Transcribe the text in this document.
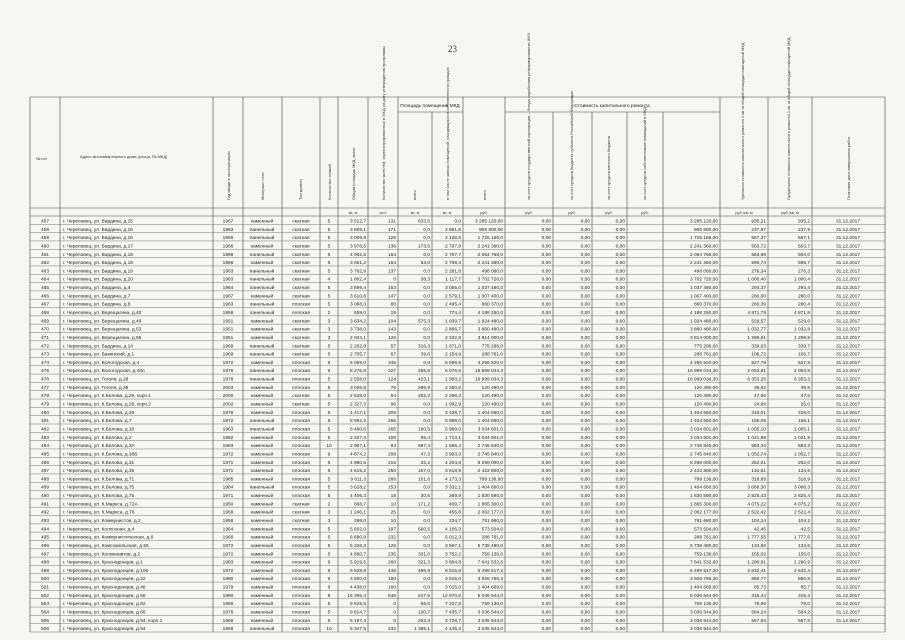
23
Площадь помещений МКД	Стоимость капитального ремонта
№ п/п	Адрес многоквартирного дома (улица, № МКД)	Год ввода в эксплуатацию	Материал стен	Тип кровли	Количество этажей	Общая площадь МКД, всего	Количество жителей, зарегистрированных в МКД на дату утверждения программы	всего	в том числе жилых помещений, находящихся в собственности граждан	всего	за счет средств государственной корпорации – Фонда содействия реформированию ЖКХ	за счет средств бюджета субъекта Российской Федерации	за счет средств местного бюджета	за счет средств собственников помещений в МКД	Удельная стоимость капитального ремонта 1 кв. м общей площади помещений МКД	Предельная стоимость капитального ремонта 1 кв. м общей площади помещений МКД	Плановая дата завершения работ
кв. м	чел.	кв. м	кв. м	руб.	руб.	руб.	руб.	руб.	руб./кв. м	руб./кв. м
457	г. Череповец, ул. Бардина, д.15	1967	каменный	скатная	5	3 512,7	131	633,5	0,0	3 285 120,00	0,00	0,00	0,00	3 285 120,00	935,21	935,2	31.12.2017
458	г. Череповец, ул. Бардина, д.16	1963	панельный	скатная	5	3 808,1	171	0,0	2 891,6	905 800,00	0,00	0,00	0,00	905 800,00	237,87	237,9	31.12.2017
459	г. Череповец, ул. Бардина, д.16	1966	панельный	скатная	5	3 008,8	126	0,0	2 126,8	1 725 166,0	0,00	0,00	0,00	1 725 166,00	567,37	567,1	31.12.2017
460	г. Череповец, ул. Бардина, д.17	1966	каменный	скатная	5	3 976,5	136	173,5	2 797,9	2 241 360,0	0,00	0,00	0,00	2 241 360,00	563,72	563,7	31.12.2017
461	г. Череповец, ул. Бардина, д.18	1969	панельный	скатная	5	4 062,5	164	0,0	2 707,7	2 064 768,0	0,00	0,00	0,00	2 064 768,00	563,98	564,0	31.12.2017
462	г. Череповец, ул. Бардина, д.18	1966	каменный	скатная	5	3 661,2	164	53,0	2 708,3	2 241 360,0	0,00	0,00	0,00	2 241 360,00	595,74	595,7	31.12.2017
463	г. Череповец, ул. Бардина, д.19	1963	панельный	скатная	5	3 762,9	137	0,0	2 281,6	498 060,0	0,00	0,00	0,00	498 060,00	276,34	276,3	31.12.2017
464	г. Череповец, ул. Бардина, д.20	1963	панельный	скатная	4	1 802,4	0	38,3	1 117,7	3 702 720,0	0,00	0,00	0,00	3 702 720,00	1 000,40	1 000,4	31.12.2017
465	г. Череповец, ул. Бардина, д.4	1964	панельный	скатная	5	3 699,4	163	0,0	3 065,0	1 037 480,0	0,00	0,00	0,00	1 037 480,00	294,37	294,4	31.12.2017
466	г. Череповец, ул. Бардина, д.7	1967	каменный	скатная	5	3 610,8	147	0,0	2 579,1	1 007 400,0	0,00	0,00	0,00	1 007 400,00	280,00	280,0	31.12.2017
467	г. Череповец, ул. Бардина, д.8	1963	панельный	плоская	5	3 068,3	80	0,0	2 495,4	860 370,0	0,00	0,00	0,00	860 370,00	280,39	280,4	31.12.2017
468	г. Череповец, ул. Верещагина, д.40	1958	панельный	плоская	2	859,0	19	0,0	774,4	4 188 250,0	0,00	0,00	0,00	4 188 250,00	4 871,79	4 871,8	31.12.2017
469	г. Череповец, ул. Верещагина, д.49	1951	каменный	скатная	3	3 634,2	104	575,3	1 939,7	1 924 480,0	0,00	0,00	0,00	1 924 480,00	529,57	529,6	31.12.2017
470	г. Череповец, ул. Верещагина, д.53	1951	каменный	скатная	3	3 738,0	143	0,0	2 866,7	3 860 480,0	0,00	0,00	0,00	3 860 480,00	1 032,77	1 032,8	31.12.2017
471	г. Череповец, ул. Верещагина, д.55	1951	каменный	скатная	3	2 934,1	126	0,0	2 332,8	3 814 000,0	0,00	0,00	0,00	3 814 000,00	1 299,91	1 299,9	31.12.2017
472	г. Череповец, ул. Бардина, д.14	1969	панельный	скатная	5	2 282,8	57	316,3	1 671,0	775 296,0	0,00	0,00	0,00	775 296,00	339,63	339,7	31.12.2017
473	г. Череповец, ул. Бакинский, д.1	1969	панельный	скатная	5	2 705,7	67	39,6	2 154,9	288 761,0	0,00	0,00	0,00	288 761,00	106,72	106,7	31.12.2017
474	г. Череповец, ул. Вологодская, д.4	1972	каменный	плоская	9	6 069,0	345	0,0	5 599,5	4 256 520,0	0,00	0,00	0,00	4 256 520,00	527,78	527,8	31.12.2017
475	г. Череповец, ул. Вологодская, д.48А	1976	панельный	плоская	9	8 276,8	327	255,6	6 076,5	16 999 034,3	0,00	0,00	0,00	16 999 034,30	2 053,81	2 053,8	31.12.2017
476	г. Череповец, ул. Гоголя, д.28	1978	панельный	плоская	5	2 558,0	124	423,1	1 993,2	16 999 034,3	0,00	0,00	0,00	16 999 034,30	6 353,26	6 353,3	31.12.2017
477	г. Череповец, ул. Гоголя, д.36	2003	каменный	плоская	5	3 026,8	76	286,9	2 260,6	120 490,0	0,00	0,00	0,00	120 490,00	39,82	39,8	31.12.2017
478	г. Череповец, ул. К.Белова, д.29, корп.1	2000	каменный	скатная	5	2 535,0	94	252,3	2 298,3	120 490,0	0,00	0,00	0,00	120 490,00	47,56	47,6	31.12.2017
479	г. Череповец, ул. К.Белова, д.29, корп.2	2002	каменный	скатная	5	2 327,3	96	0,0	1 992,9	120 490,0	0,00	0,00	0,00	120 490,00	24,99	25,0	31.12.2017
480	г. Череповец, ул. К.Белова, д.26	1976	каменный	плоская	5	4 417,1	209	0,0	3 428,7	1 404 660,0	0,00	0,00	0,00	1 404 660,00	318,01	318,0	31.12.2017
481	г. Череповец, ул. К.Белова, д.7	1972	панельный	плоская	5	8 992,2	265	0,0	5 989,0	1 404 660,0	0,00	0,00	0,00	1 404 660,00	156,09	156,1	31.12.2017
482	г. Череповец, ул. К.Белова, д.10	1963	панельный	плоская	5	8 460,6	265	160,5	5 989,0	3 034 601,0	0,00	0,00	0,00	3 034 601,00	1 005,10	1 005,1	31.12.2017
483	г. Череповец, ул. К.Белова, д.2	1982	каменный	плоская	5	2 327,3	108	55,4	1 713,1	3 034 601,0	0,00	0,00	0,00	3 034 601,00	1 021,88	1 021,9	31.12.2017
484	г. Череповец, ул. К.Белова, д.3А	1983	каменный	плоская	10	2 957,1	84	697,4	1 556,4	2 745 840,0	0,00	0,00	0,00	2 745 840,00	583,34	583,3	31.12.2017
485	г. Череповец, ул. К.Белова, д.38Б	1972	каменный	плоская	9	4 874,2	208	47,3	3 993,3	2 745 840,0	0,00	0,00	0,00	2 745 840,00	1 052,74	1 052,7	31.12.2017
486	г. Череповец, ул. К.Белова, д.31	1971	каменный	плоская	5	4 980,6	215	32,2	4 204,6	8 298 000,0	0,00	0,00	0,00	8 298 000,00	252,01	252,0	31.12.2017
487	г. Череповец, ул. К.Белова, д.35	1971	каменный	плоская	5	4 615,2	250	167,0	3 618,9	2 422 800,0	0,00	0,00	0,00	2 422 800,00	134,61	134,6	31.12.2017
488	г. Череповец, ул. К.Белова, д.71	1985	каменный	плоская	5	9 611,3	266	101,6	4 173,3	799 136,00	0,00	0,00	0,00	799 136,00	318,89	318,9	31.12.2017
489	г. Череповец, ул. К.Белова, д.75	1984	панельный	плоская	5	3 628,2	153	0,0	3 332,1	1 404 660,0	0,00	0,00	0,00	1 404 660,00	3 068,30	3 068,3	31.12.2017
490	г. Череповец, ул. К.Белова, д.75	1971	каменный	плоская	5	4 406,3	18	30,5	269,9	1 830 590,0	0,00	0,00	0,00	1 830 590,00	2 825,43	2 825,4	31.12.2017
491	г. Череповец, ул. К.Маркса, д.72А	1950	каменный	скатная	2	668,7	10	171,2	409,7	1 865 300,0	0,00	0,00	0,00	1 865 300,00	4 075,22	4 075,2	31.12.2017
492	г. Череповец, ул. К.Маркса, д.76	1958	каменный	скатная	3	1 246,1	25	0,0	455,8	2 062 177,0	0,00	0,00	0,00	2 062 177,00	2 522,42	2 522,4	31.12.2017
493	г. Череповец, ул. Коммунистов, д.2	1958	каменный	скатная	3	298,0	10	0,0	234,7	761 680,0	0,00	0,00	0,00	761 680,00	104,24	104,2	31.12.2017
494	г. Череповец, ул. Колхозная, д.4	1964	каменный	плоская	5	5 602,0	197	560,5	4 106,3	573 504,0	0,00	0,00	0,00	573 504,00	42,45	42,5	31.12.2017
495	г. Череповец, ул. Коммунистическая, д.6	1966	каменный	плоская	5	6 890,8	232	0,0	5 012,3	288 761,0	0,00	0,00	0,00	288 761,00	1 777,55	1 777,6	31.12.2017
496	г. Череповец, ул. Комсомольская, д.55	1972	каменный	плоская	5	5 226,3	125	0,0	3 567,1	5 738 480,0	0,00	0,00	0,00	5 738 480,00	134,60	134,6	31.12.2017
497	г. Череповец, ул. Космонавтов, д.2	1972	каменный	плоская	5	4 860,7	235	331,0	3 752,2	759 136,0	0,00	0,00	0,00	759 136,00	155,02	155,0	31.12.2017
498	г. Череповец, ул. Краснодонцев, д.1	1983	каменный	плоская	9	5 919,5	260	321,3	3 664,8	7 641 532,6	0,00	0,00	0,00	7 641 532,60	1 290,91	1 290,9	31.12.2017
499	г. Череповец, ул. Краснодонцев, д.106	1972	каменный	плоская	9	9 528,8	446	496,9	8 515,8	6 499 517,2	0,00	0,00	0,00	6 499 517,20	2 632,41	2 632,4	31.12.2017
500	г. Череповец, ул. Краснодонцев, д.22	1980	каменный	плоская	9	3 500,0	160	0,0	3 515,0	3 928 766,3	0,00	0,00	0,00	3 928 766,30	860,77	860,8	31.12.2017
501	г. Череповец, ул. Краснодонцев, д.48	1979	каменный	плоская	9	4 438,0	160	0,0	3 015,0	1 404 669,0	0,00	0,00	0,00	1 404 669,00	85,73	85,7	31.12.2017
502	г. Череповец, ул. Краснодонцев, д.50	1980	каменный	плоская	9	15 395,4	646	247,5	12 870,6	5 036 544,0	0,00	0,00	0,00	5 036 544,00	315,44	315,4	31.12.2017
503	г. Череповец, ул. Краснодонцев, д.62	1966	каменный	плоская	5	9 625,5	0	66,6	7 227,6	759 136,0	0,00	0,00	0,00	759 136,00	78,86	79,0	31.12.2017
504	г. Череповец, ул. Краснодонцев, д.66	1976	каменный	плоская	5	9 614,7	0	130,7	7 435,7	3 036 544,0	0,00	0,00	0,00	3 036 544,00	584,24	584,2	31.12.2017
505	г. Череповец, ул. Краснодонцев, д.94, корп.1	1966	каменный	плоская	5	5 197,4	0	253,3	3 728,7	3 036 544,0	0,00	0,00	0,00	3 036 544,00	567,84	567,8	31.12.2017
506	г. Череповец, ул. Краснодонцев, д.94	1969	панельный	плоская	10	5 347,5	232	1 395,1	4 145,3	3 036 544,0	0,00	0,00	0,00	3 036 544,00
